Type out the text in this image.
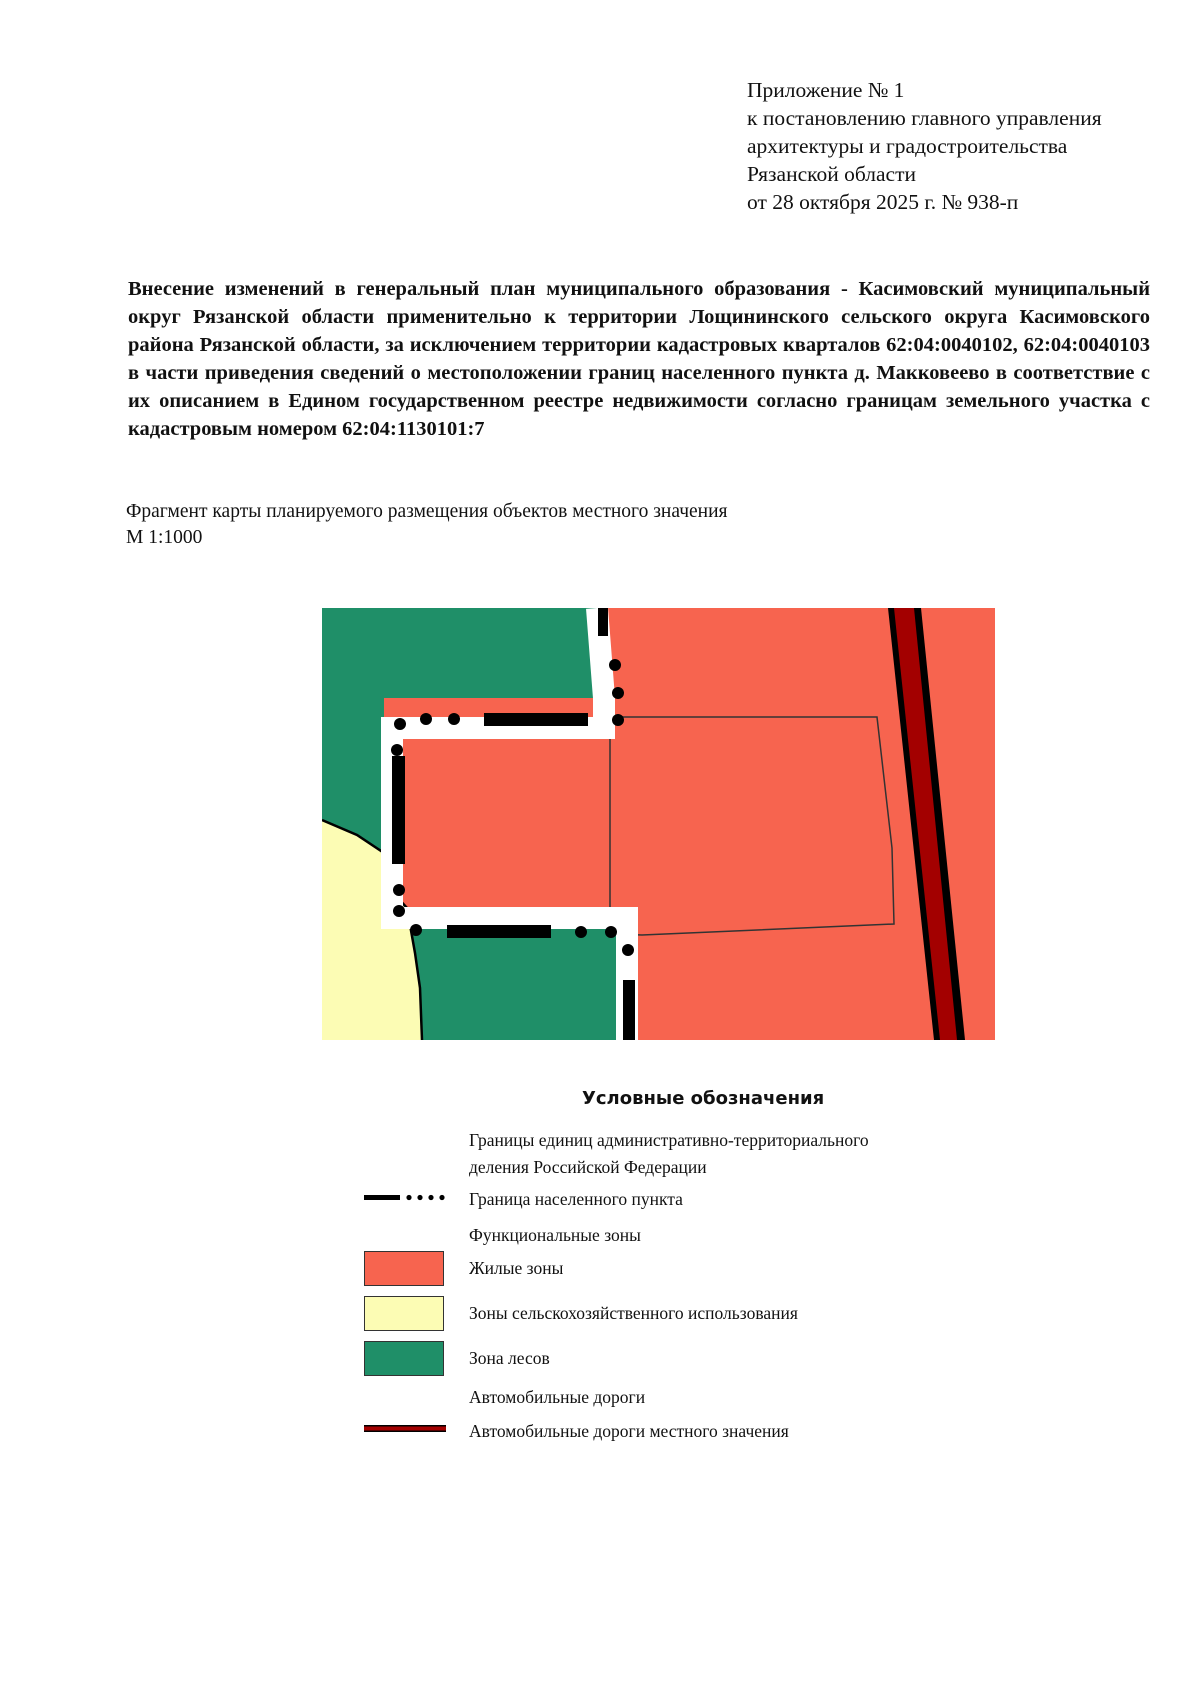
Приложение № 1
к постановлению главного управления
архитектуры и градостроительства
Рязанской области
от 28 октября 2025 г. № 938-п
Внесение изменений в генеральный план муниципального образования - Касимовский муниципальный округ Рязанской области применительно к территории Лощининского сельского округа Касимовского района Рязанской области, за исключением территории кадастровых кварталов 62:04:0040102, 62:04:0040103 в части приведения сведений о местоположении границ населенного пункта д. Макковеево в соответствие с их описанием в Едином государственном реестре недвижимости согласно границам земельного участка с кадастровым номером 62:04:1130101:7
Фрагмент карты планируемого размещения объектов местного значения
М 1:1000
Условные обозначения
Границы единиц административно-территориального
деления Российской Федерации
Граница населенного пункта
Функциональные зоны
Жилые зоны
Зоны сельскохозяйственного использования
Зона лесов
Автомобильные дороги
Автомобильные дороги местного значения
